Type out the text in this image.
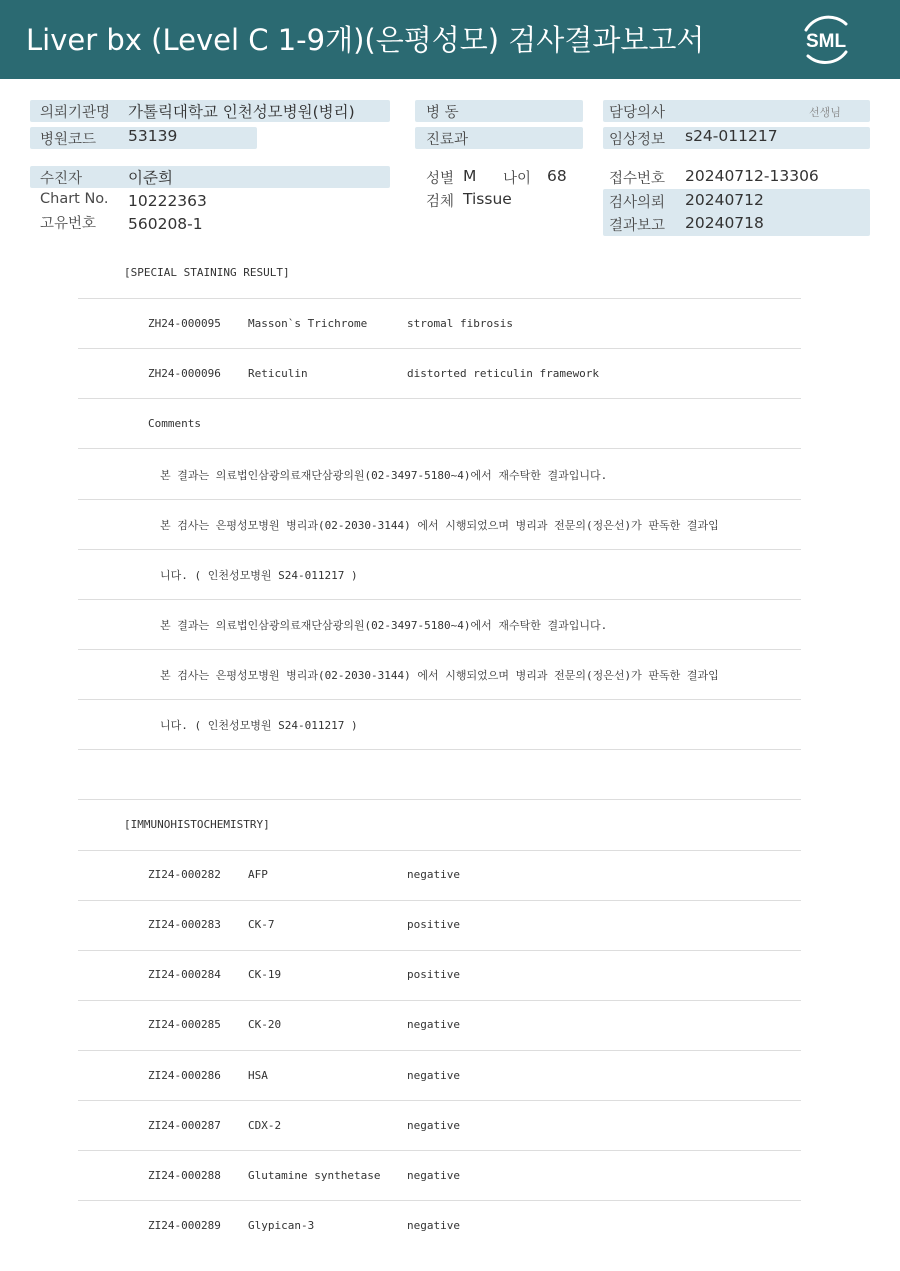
Liver bx (Level C 1-9개)(은평성모) 검사결과보고서	SML
의뢰기관명 가톨릭대학교 인천성모병원(병리)
병원코드 53139
병 동
진료과
담당의사	선생님
임상정보 s24-011217
수진자	이준희
Chart No. 10222363
고유번호 560208-1
성별 M 나이 68
검체 Tissue
접수번호 20240712-13306
검사의뢰 20240712
결과보고 20240718
[SPECIAL STAINING RESULT]
ZH24-000095 Masson`s Trichrome	stromal fibrosis
ZH24-000096 Reticulin	distorted reticulin framework
Comments
본 결과는 의료법인삼광의료재단삼광의원(02-3497-5180~4)에서 재수탁한 결과입니다.
본 검사는 은평성모병원 병리과(02-2030-3144) 에서 시행되었으며 병리과 전문의(정은선)가 판독한 결과입
니다. ( 인천성모병원 S24-011217 )
본 결과는 의료법인삼광의료재단삼광의원(02-3497-5180~4)에서 재수탁한 결과입니다.
본 검사는 은평성모병원 병리과(02-2030-3144) 에서 시행되었으며 병리과 전문의(정은선)가 판독한 결과입
니다. ( 인천성모병원 S24-011217 )
[IMMUNOHISTOCHEMISTRY]
ZI24-000282 AFP	negative
ZI24-000283 CK-7	positive
ZI24-000284 CK-19	positive
ZI24-000285 CK-20	negative
ZI24-000286 HSA	negative
ZI24-000287 CDX-2	negative
ZI24-000288 Glutamine synthetase negative
ZI24-000289 Glypican-3	negative
